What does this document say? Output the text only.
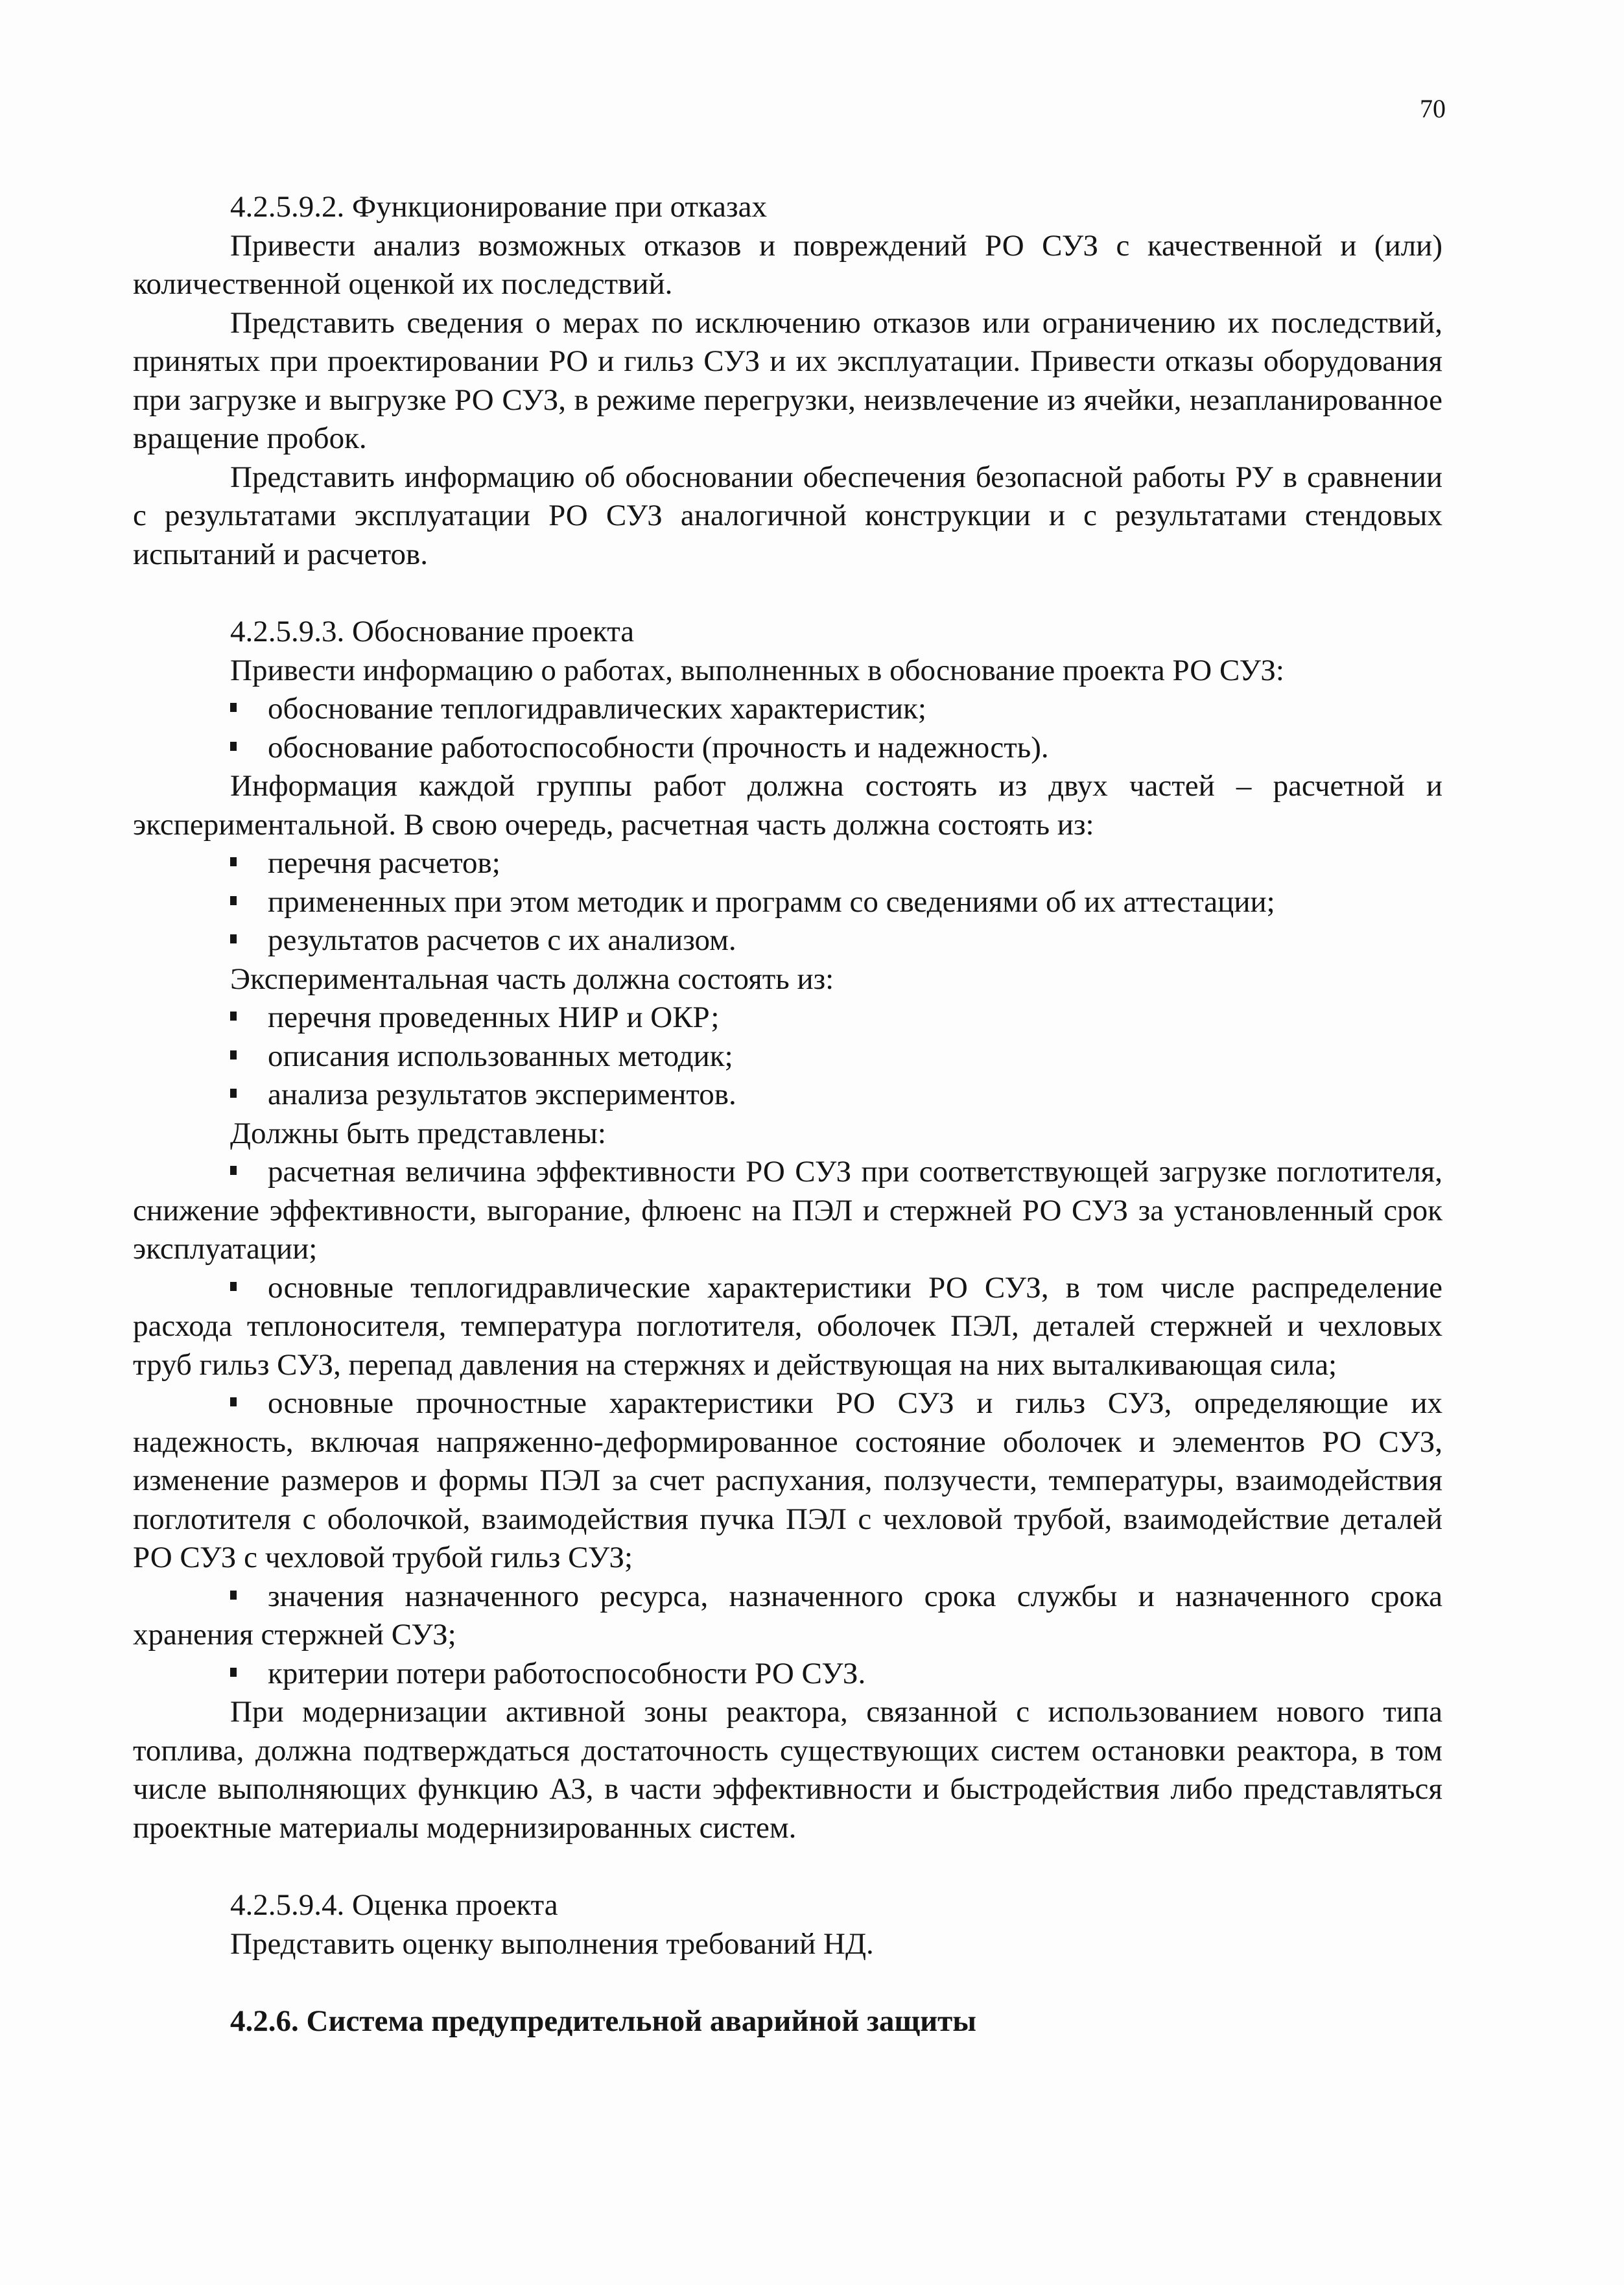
70

4.2.5.9.2. Функционирование при отказах

Привести анализ возможных отказов и повреждений РО СУЗ с качественной и (или) количественной оценкой их последствий.

Представить сведения о мерах по исключению отказов или ограничению их последствий, принятых при проектировании РО и гильз СУЗ и их эксплуатации. Привести отказы оборудования при загрузке и выгрузке РО СУЗ, в режиме перегрузки, неизвлечение из ячейки, незапланированное вращение пробок.

Представить информацию об обосновании обеспечения безопасной работы РУ в сравнении с результатами эксплуатации РО СУЗ аналогичной конструкции и с результатами стендовых испытаний и расчетов.

4.2.5.9.3. Обоснование проекта

Привести информацию о работах, выполненных в обоснование проекта РО СУЗ:

обоснование теплогидравлических характеристик;

обоснование работоспособности (прочность и надежность).

Информация каждой группы работ должна состоять из двух частей – расчетной и экспериментальной. В свою очередь, расчетная часть должна состоять из:

перечня расчетов;

примененных при этом методик и программ со сведениями об их аттестации;

результатов расчетов с их анализом.

Экспериментальная часть должна состоять из:

перечня проведенных НИР и ОКР;

описания использованных методик;

анализа результатов экспериментов.

Должны быть представлены:

расчетная величина эффективности РО СУЗ при соответствующей загрузке поглотителя, снижение эффективности, выгорание, флюенс на ПЭЛ и стержней РО СУЗ за установленный срок эксплуатации;

основные теплогидравлические характеристики РО СУЗ, в том числе распределение расхода теплоносителя, температура поглотителя, оболочек ПЭЛ, деталей стержней и чехловых труб гильз СУЗ, перепад давления на стержнях и действующая на них выталкивающая сила;

основные прочностные характеристики РО СУЗ и гильз СУЗ, определяющие их надежность, включая напряженно-деформированное состояние оболочек и элементов РО СУЗ, изменение размеров и формы ПЭЛ за счет распухания, ползучести, температуры, взаимодействия поглотителя с оболочкой, взаимодействия пучка ПЭЛ с чехловой трубой, взаимодействие деталей РО СУЗ с чехловой трубой гильз СУЗ;

значения назначенного ресурса, назначенного срока службы и назначенного срока хранения стержней СУЗ;

критерии потери работоспособности РО СУЗ.

При модернизации активной зоны реактора, связанной с использованием нового типа топлива, должна подтверждаться достаточность существующих систем остановки реактора, в том числе выполняющих функцию АЗ, в части эффективности и быстродействия либо представляться проектные материалы модернизированных систем.

4.2.5.9.4. Оценка проекта

Представить оценку выполнения требований НД.

4.2.6. Система предупредительной аварийной защиты
